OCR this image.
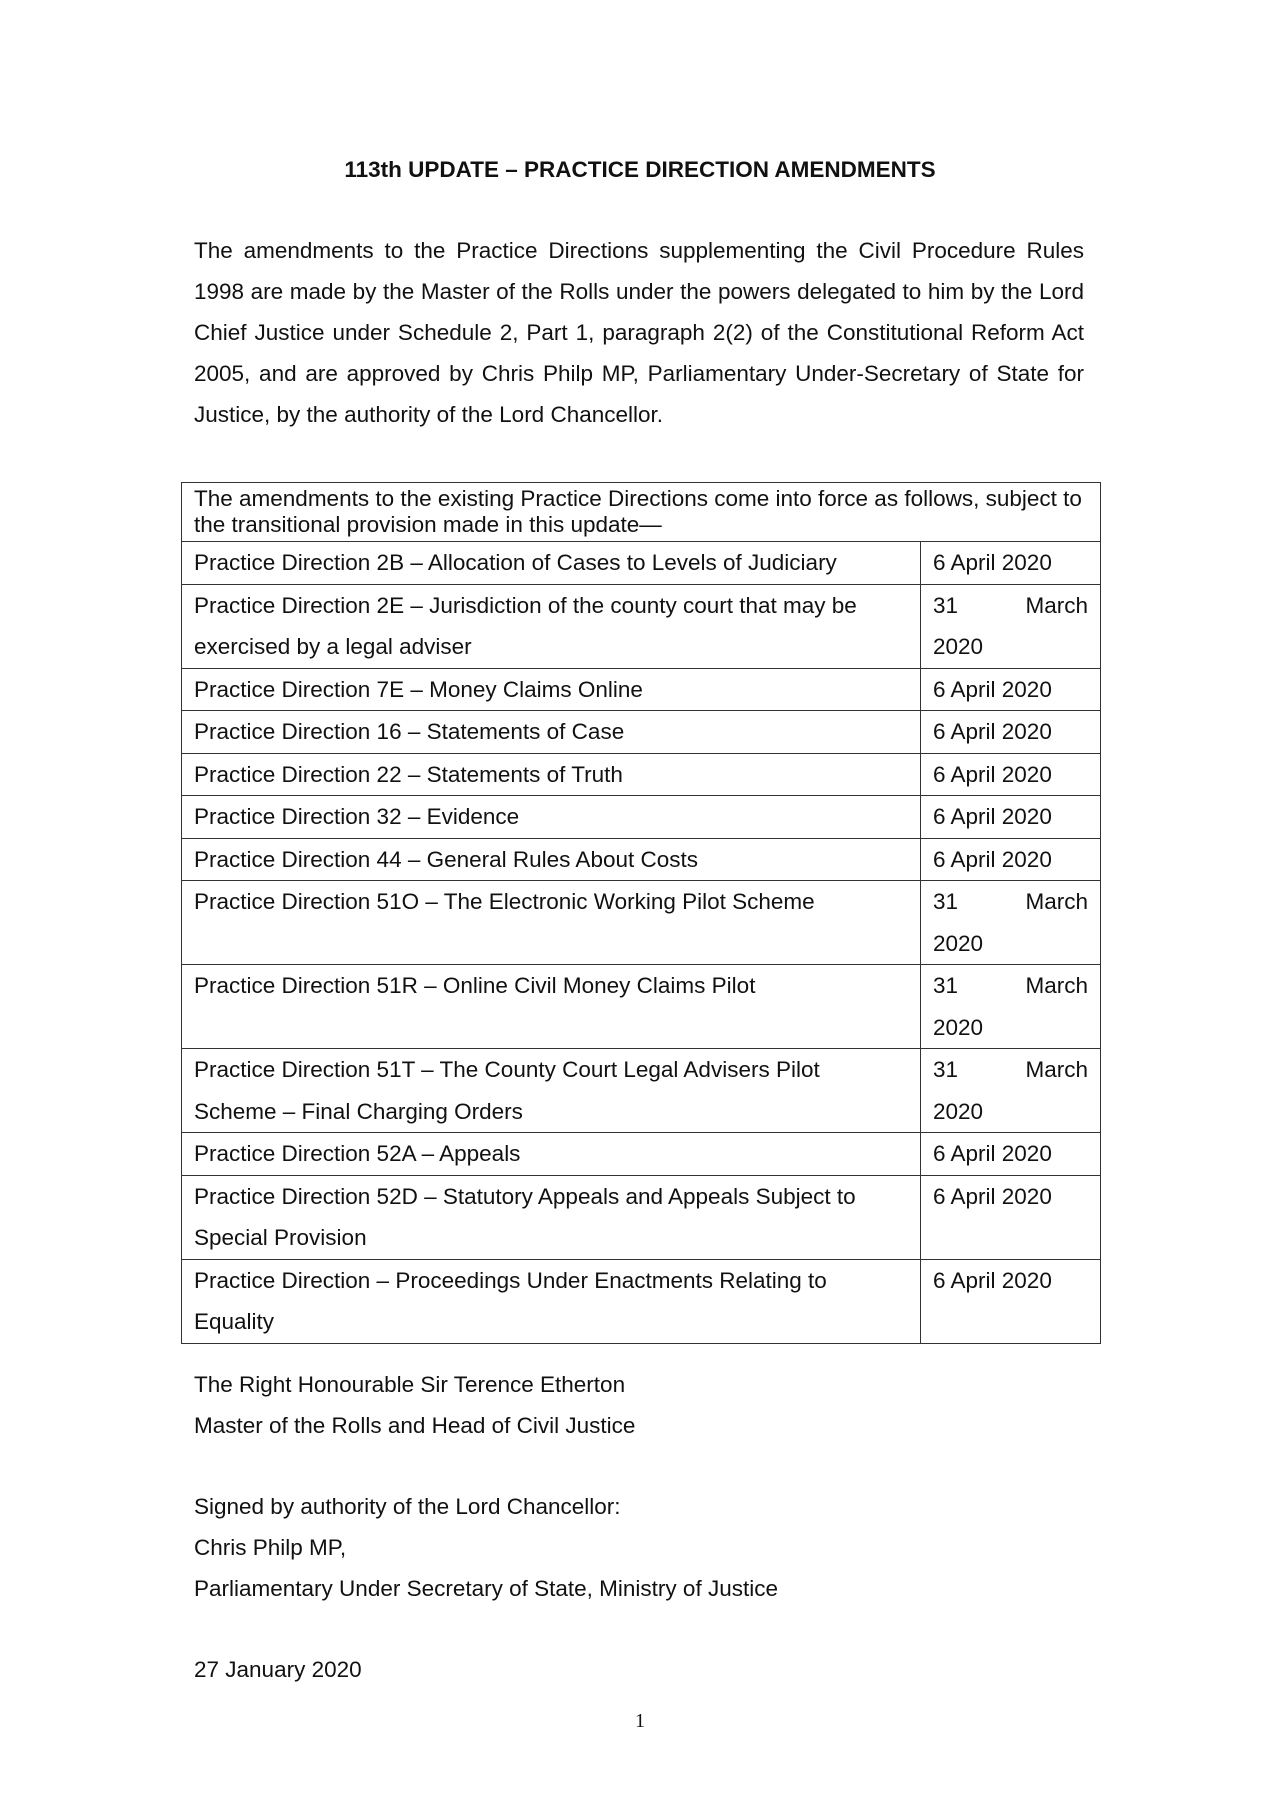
113th UPDATE – PRACTICE DIRECTION AMENDMENTS
The amendments to the Practice Directions supplementing the Civil Procedure Rules 1998 are made by the Master of the Rolls under the powers delegated to him by the Lord Chief Justice under Schedule 2, Part 1, paragraph 2(2) of the Constitutional Reform Act 2005, and are approved by Chris Philp MP, Parliamentary Under-Secretary of State for Justice, by the authority of the Lord Chancellor.
The amendments to the existing Practice Directions come into force as follows, subject to the transitional provision made in this update—	
Practice Direction 2B – Allocation of Cases to Levels of Judiciary	6 April 2020

Practice Direction 2E – Jurisdiction of the county court that may be exercised by a legal adviser	31 March 2020

Practice Direction 7E – Money Claims Online	6 April 2020

Practice Direction 16 – Statements of Case	6 April 2020

Practice Direction 22 – Statements of Truth	6 April 2020

Practice Direction 32 – Evidence	6 April 2020

Practice Direction 44 – General Rules About Costs	6 April 2020

Practice Direction 51O – The Electronic Working Pilot Scheme	31 March 2020

Practice Direction 51R – Online Civil Money Claims Pilot	31 March 2020

Practice Direction 51T – The County Court Legal Advisers Pilot Scheme – Final Charging Orders	31 March 2020

Practice Direction 52A – Appeals	6 April 2020

Practice Direction 52D – Statutory Appeals and Appeals Subject to Special Provision	6 April 2020

Practice Direction – Proceedings Under Enactments Relating to Equality	6 April 2020
The Right Honourable Sir Terence Etherton
Master of the Rolls and Head of Civil Justice
Signed by authority of the Lord Chancellor:
Chris Philp MP,
Parliamentary Under Secretary of State, Ministry of Justice
27 January 2020
1
